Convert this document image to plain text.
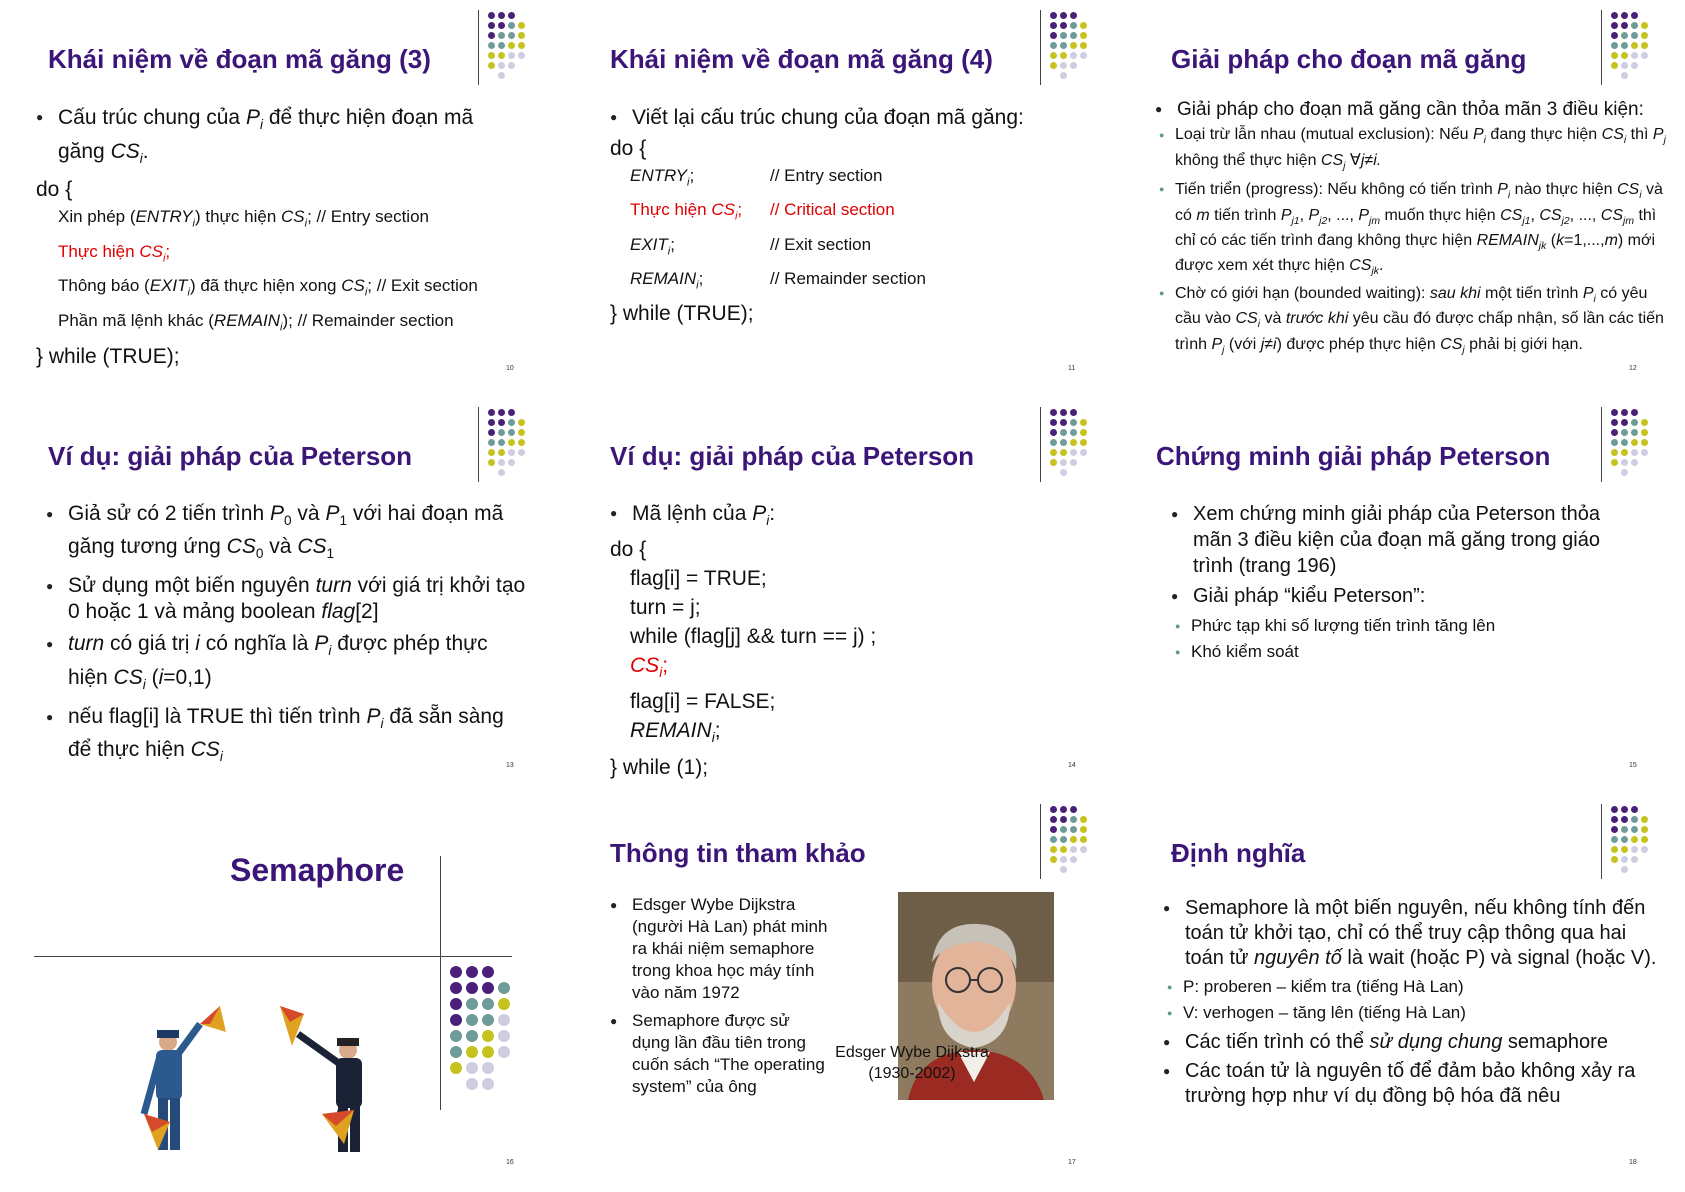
Khái niệm về đoạn mã găng (3)
● Cấu trúc chung của $P_i$ để thực hiện đoạn mã
găng $CS_i$.
do {
Xin phép $(ENTRY_i)$ thực hiện $CS_i$; // Entry section
Thực hiện $CS_i$;
Thông báo $(EXIT_i)$ đã thực hiện xong $CS_i$; // Exit section
Phần mã lệnh khác $(REMAIN_i)$; // Remainder section
} while (TRUE);
10
Khái niệm về đoạn mã găng (4)
● Viết lại cấu trúc chung của đoạn mã găng:
do {
$ENTRY_i$;	// Entry section
Thực hiện $CS_i$;	// Critical section
$EXIT_i$;	// Exit section
$REMAIN_i$;	// Remainder section
} while (TRUE);
11
Giải pháp cho đoạn mã găng
● Giải pháp cho đoạn mã găng cần thỏa mãn 3 điều kiện:
● Loại trừ lẫn nhau (mutual exclusion): Nếu $P_i$ đang thực hiện $CS_i$ thì $P_j$ không thể thực hiện $CS_j$ ∀j≠i.
● Tiến triển (progress): Nếu không có tiến trình $P_i$ nào thực hiện $CS_i$ và có m tiến trình $P_{j1}$, $P_{j2}$, ..., $P_{jm}$ muốn thực hiện $CS_{j1}$, $CS_{j2}$, ..., $CS_{jm}$ thì chỉ có các tiến trình đang không thực hiện $REMAIN_{jk}$ (k=1,...,m) mới được xem xét thực hiện $CS_{jk}$.
● Chờ có giới hạn (bounded waiting): sau khi một tiến trình $P_i$ có yêu cầu vào $CS_i$ và trước khi yêu cầu đó được chấp nhận, số lần các tiến trình $P_j$ (với j≠i) được phép thực hiện $CS_j$ phải bị giới hạn.
12
Ví dụ: giải pháp của Peterson
● Giả sử có 2 tiến trình $P_0$ và $P_1$ với hai đoạn mã găng tương ứng $CS_0$ và $CS_1$
● Sử dụng một biến nguyên turn với giá trị khởi tạo 0 hoặc 1 và mảng boolean flag[2]
● turn có giá trị i có nghĩa là $P_i$ được phép thực hiện $CS_i$ (i=0,1)
● nếu flag[i] là TRUE thì tiến trình $P_i$ đã sẵn sàng để thực hiện $CS_i$
13
Ví dụ: giải pháp của Peterson
● Mã lệnh của $P_i$:
do {
flag[i] = TRUE;
turn = j;
while (flag[j] && turn == j) ;
$CS_i$;
flag[i] = FALSE;
$REMAIN_i$;
} while (1);	14
Chứng minh giải pháp Peterson
● Xem chứng minh giải pháp của Peterson thỏa mãn 3 điều kiện của đoạn mã găng trong giáo trình (trang 196)
● Giải pháp “kiểu Peterson”:
● Phức tạp khi số lượng tiến trình tăng lên
● Khó kiểm soát
15
Semaphore
16
Thông tin tham khảo
● Edsger Wybe Dijkstra (người Hà Lan) phát minh ra khái niệm semaphore trong khoa học máy tính vào năm 1972
● Semaphore được sử dụng lần đầu tiên trong cuốn sách “The operating system” của ông
Edsger Wybe Dijkstra
(1930-2002)
17
Định nghĩa
● Semaphore là một biến nguyên, nếu không tính đến toán tử khởi tạo, chỉ có thể truy cập thông qua hai toán tử nguyên tố là wait (hoặc P) và signal (hoặc V).
● P: proberen – kiểm tra (tiếng Hà Lan)
● V: verhogen – tăng lên (tiếng Hà Lan)
● Các tiến trình có thể sử dụng chung semaphore
● Các toán tử là nguyên tố để đảm bảo không xảy ra trường hợp như ví dụ đồng bộ hóa đã nêu
18
